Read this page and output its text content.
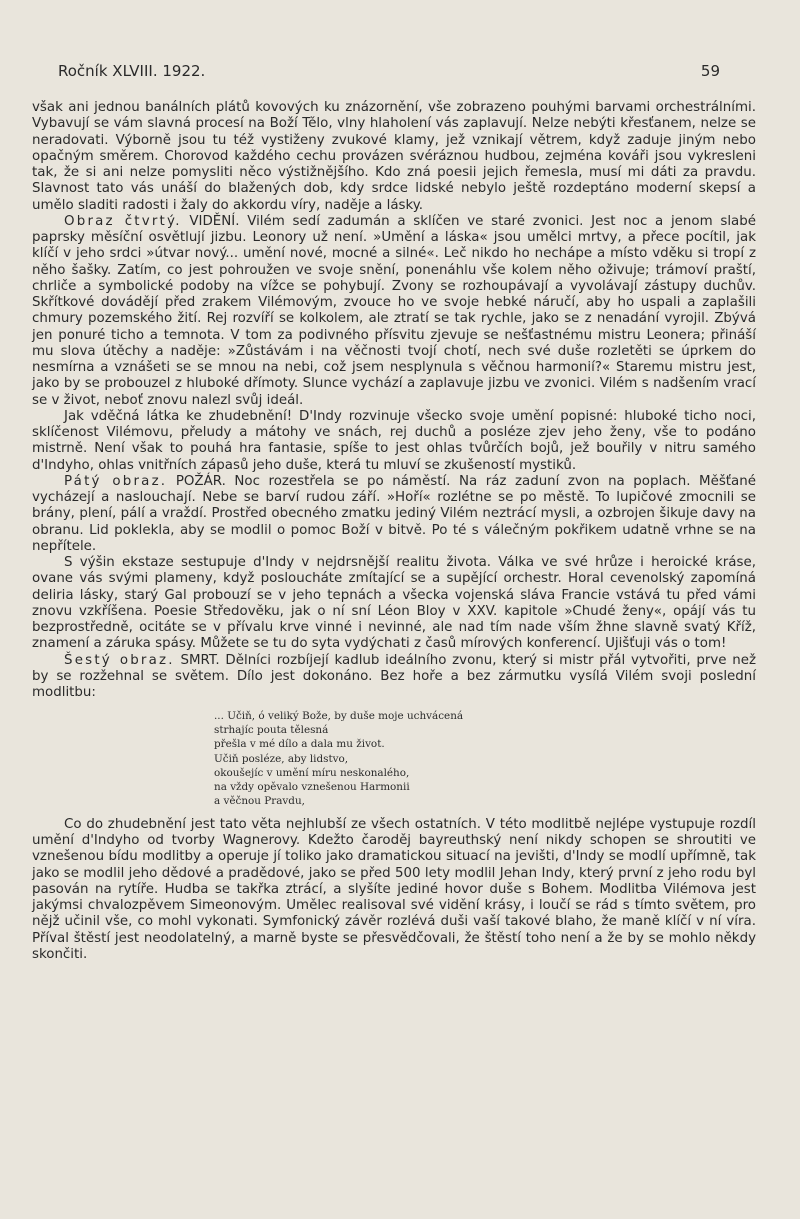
Ročník XLVIII. 1922.	59

však ani jednou banálních plátů kovových ku znázornění, vše zobrazeno pouhými barvami orchestrálními. Vybavují se vám slavná procesí na Boží Tělo, vlny hlaholení vás zaplavují. Nelze nebýti křesťanem, nelze se neradovati. Výborně jsou tu též vystiženy zvukové klamy, jež vznikají větrem, když zaduje jiným nebo opačným směrem. Chorovod každého cechu provázen svéráznou hudbou, zejména kováři jsou vykresleni tak, že si ani nelze pomysliti něco výstižnějšího. Kdo zná poesii jejich řemesla, musí mi dáti za pravdu. Slavnost tato vás unáší do blažených dob, kdy srdce lidské nebylo ještě rozdeptáno moderní skepsí a umělo sladiti radosti i žaly do akkordu víry, naděje a lásky.

Obraz čtvrtý. VIDĚNÍ. Vilém sedí zadumán a sklíčen ve staré zvonici. Jest noc a jenom slabé paprsky měsíční osvětlují jizbu. Leonory už není. »Umění a láska« jsou umělci mrtvy, a přece pocítil, jak klíčí v jeho srdci »útvar nový... umění nové, mocné a silné«. Leč nikdo ho nechápe a místo vděku si tropí z něho šašky. Zatím, co jest pohroužen ve svoje snění, ponenáhlu vše kolem něho oživuje; trámoví praští, chrliče a symbolické podoby na vížce se pohybují. Zvony se rozhoupávají a vyvolávají zástupy duchův. Skřítkové dovádějí před zrakem Vilémovým, zvouce ho ve svoje hebké náručí, aby ho uspali a zaplašili chmury pozemského žití. Rej rozvíří se kolkolem, ale ztratí se tak rychle, jako se z nenadání vyrojil. Zbývá jen ponuré ticho a temnota. V tom za podivného přísvitu zjevuje se nešťastnému mistru Leonera; přináší mu slova útěchy a naděje: »Zůstávám i na věčnosti tvojí chotí, nech své duše rozletěti se úprkem do nesmírna a vznášeti se se mnou na nebi, což jsem nesplynula s věčnou harmonií?« Staremu mistru jest, jako by se probouzel z hluboké dřímoty. Slunce vychází a zaplavuje jizbu ve zvonici. Vilém s nadšením vrací se v život, neboť znovu nalezl svůj ideál.

Jak vděčná látka ke zhudebnění! D'Indy rozvinuje všecko svoje umění popisné: hluboké ticho noci, sklíčenost Vilémovu, přeludy a mátohy ve snách, rej duchů a posléze zjev jeho ženy, vše to podáno mistrně. Není však to pouhá hra fantasie, spíše to jest ohlas tvůrčích bojů, jež bouřily v nitru samého d'Indyho, ohlas vnitřních zápasů jeho duše, která tu mluví se zkušeností mystiků.

Pátý obraz. POŽÁR. Noc rozestřela se po náměstí. Na ráz zaduní zvon na poplach. Měšťané vycházejí a naslouchají. Nebe se barví rudou září. »Hoří« rozlétne se po městě. To lupičové zmocnili se brány, plení, pálí a vraždí. Prostřed obecného zmatku jediný Vilém neztrácí mysli, a ozbrojen šikuje davy na obranu. Lid poklekla, aby se modlil o pomoc Boží v bitvě. Po té s válečným pokřikem udatně vrhne se na nepřítele.

S výšin ekstaze sestupuje d'Indy v nejdrsnější realitu života. Válka ve své hrůze i heroické kráse, ovane vás svými plameny, když posloucháte zmítající se a supějící orchestr. Horal cevenolský zapomíná deliria lásky, starý Gal probouzí se v jeho tepnách a všecka vojenská sláva Francie vstává tu před vámi znovu vzkříšena. Poesie Středověku, jak o ní sní Léon Bloy v XXV. kapitole »Chudé ženy«, opájí vás tu bezprostředně, ocitáte se v přívalu krve vinné i nevinné, ale nad tím nade vším žhne slavně svatý Kříž, znamení a záruka spásy. Můžete se tu do syta vydýchati z časů mírových konferencí. Ujišťuji vás o tom!

Šestý obraz. SMRT. Dělníci rozbíjejí kadlub ideálního zvonu, který si mistr přál vytvořiti, prve než by se rozžehnal se světem. Dílo jest dokonáno. Bez hoře a bez zármutku vysílá Vilém svoji poslední modlitbu:

... Učiň, ó veliký Bože, by duše moje uchvácená
strhajíc pouta tělesná
přešla v mé dílo a dala mu život.
Učiň posléze, aby lidstvo,
okoušejíc v umění míru neskonalého,
na vždy opěvalo vznešenou Harmonii
a věčnou Pravdu,

Co do zhudebnění jest tato věta nejhlubší ze všech ostatních. V této modlitbě nejlépe vystupuje rozdíl umění d'Indyho od tvorby Wagnerovy. Kdežto čaroděj bayreuthský není nikdy schopen se shroutiti ve vznešenou bídu modlitby a operuje jí toliko jako dramatickou situací na jevišti, d'Indy se modlí upřímně, tak jako se modlil jeho dědové a pradědové, jako se před 500 lety modlil Jehan Indy, který první z jeho rodu byl pasován na rytíře. Hudba se takřka ztrácí, a slyšíte jediné hovor duše s Bohem. Modlitba Vilémova jest jakýmsi chvalozpěvem Simeonovým. Umělec realisoval své vidění krásy, i loučí se rád s tímto světem, pro nějž učinil vše, co mohl vykonati. Symfonický závěr rozlévá duši vaší takové blaho, že maně klíčí v ní víra. Příval štěstí jest neodolatelný, a marně byste se přesvědčovali, že štěstí toho není a že by se mohlo někdy skončiti.
